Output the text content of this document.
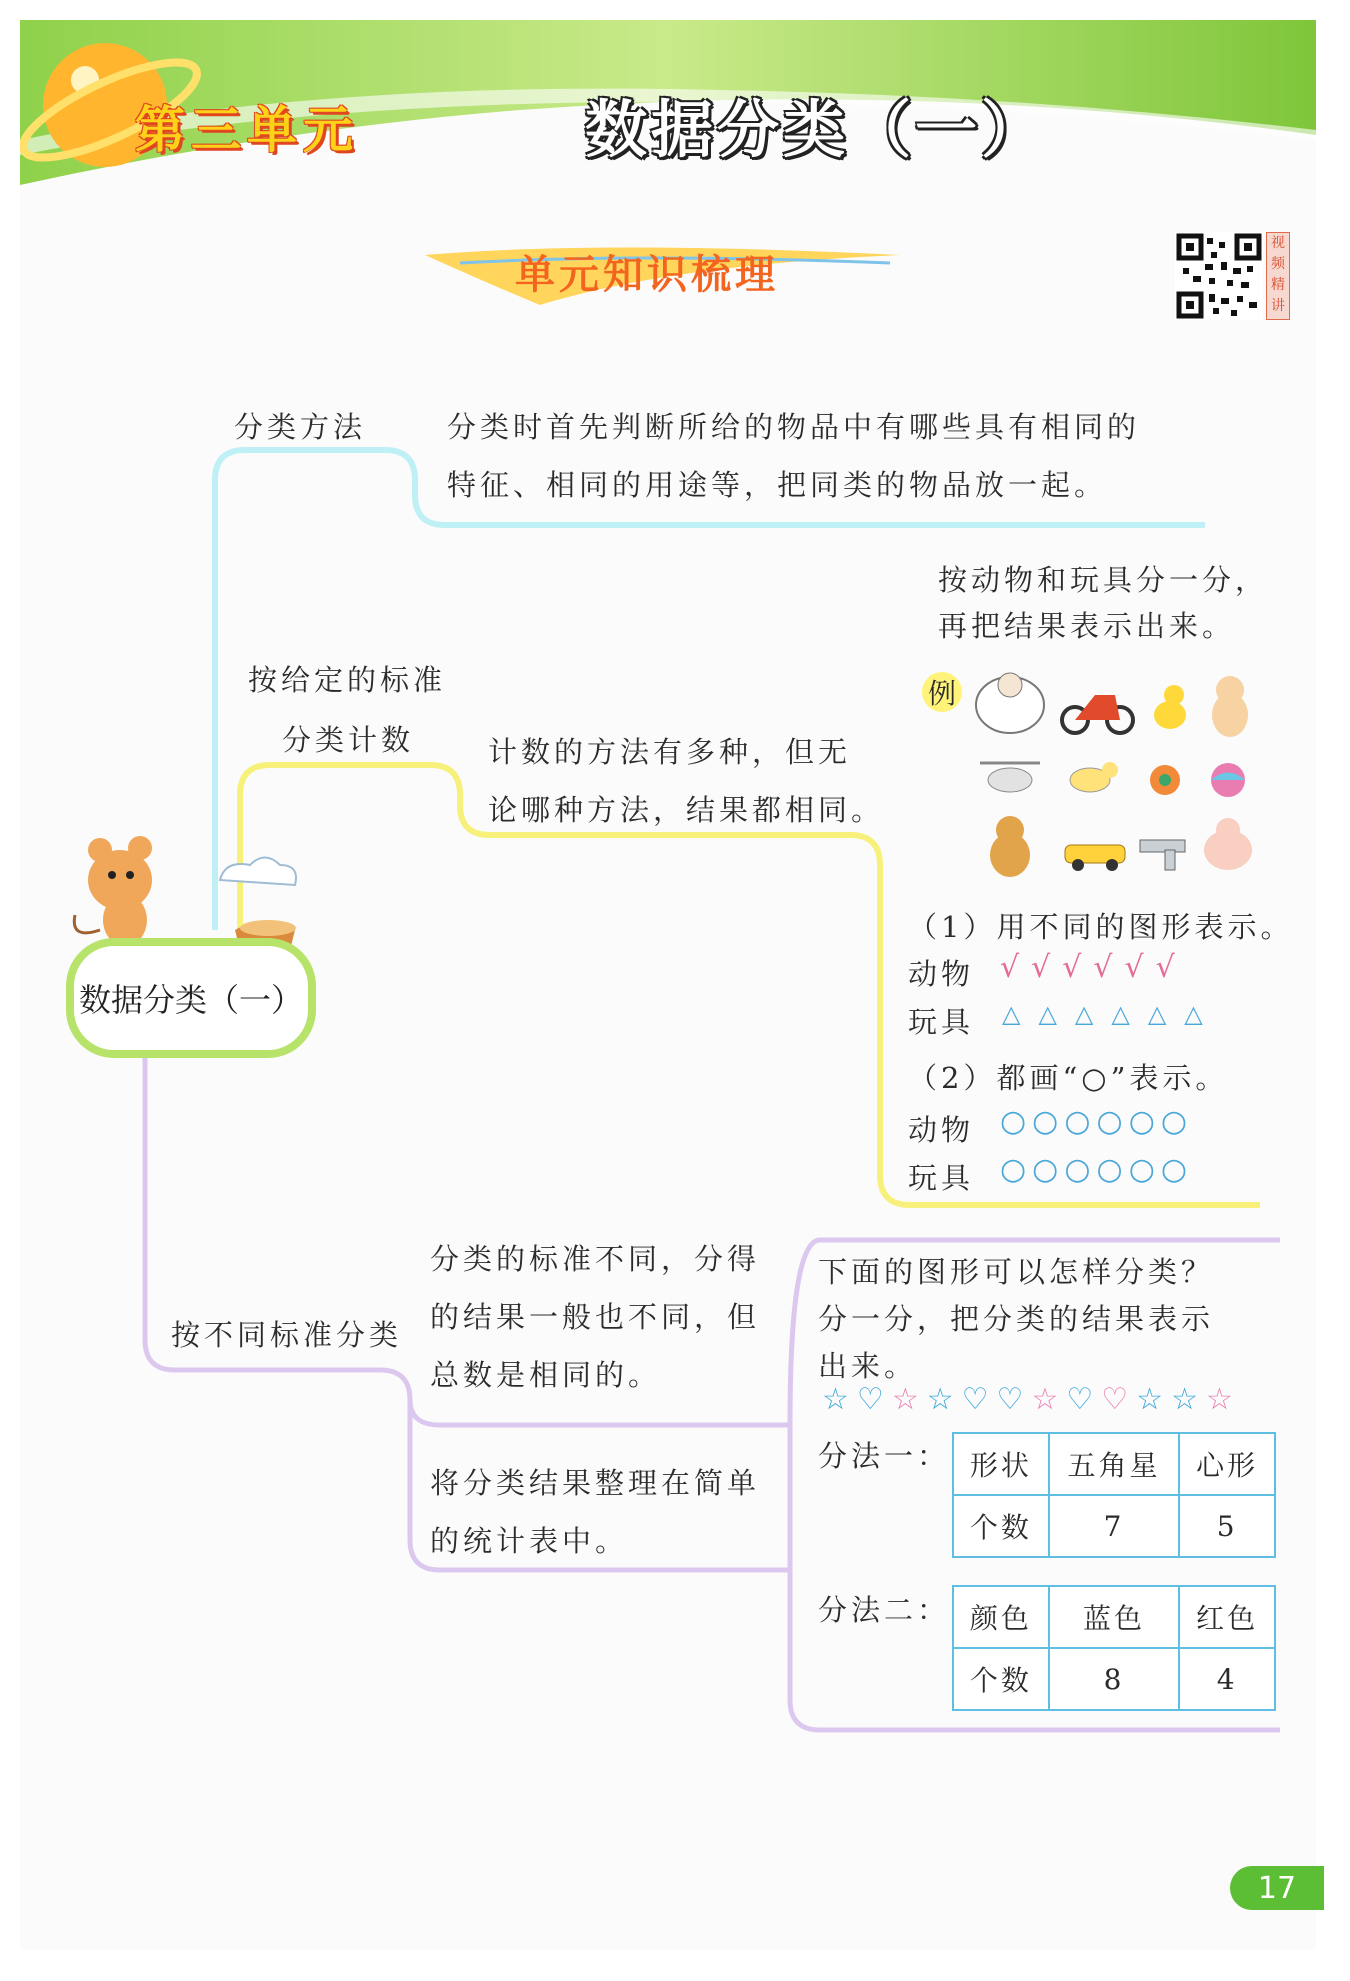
第三单元	数据分类（一）
单元知识梳理
视频精讲
数据分类（一）
分类方法	分类时首先判断所给的物品中有哪些具有相同的
特征、相同的用途等，把同类的物品放一起。
按给定的标准
分类计数	计数的方法有多种，但无
论哪种方法，结果都相同。
按动物和玩具分一分，
再把结果表示出来。
例
（1）用不同的图形表示。
动物 √√√√√√
玩具 △△△△△△
（2）都画“○”表示。
动物 ○○○○○○
玩具 ○○○○○○
按不同标准分类
分类的标准不同，分得
的结果一般也不同，但
总数是相同的。
将分类结果整理在简单
的统计表中。
下面的图形可以怎样分类？
分一分，把分类的结果表示
出来。
☆ ♡ ☆ ☆ ♡ ♡ ☆ ♡ ♡ ☆ ☆ ☆
分法一： 形状	五角星	心形
个数	7	5
分法二： 颜色	蓝色	红色
个数	8	4
17
